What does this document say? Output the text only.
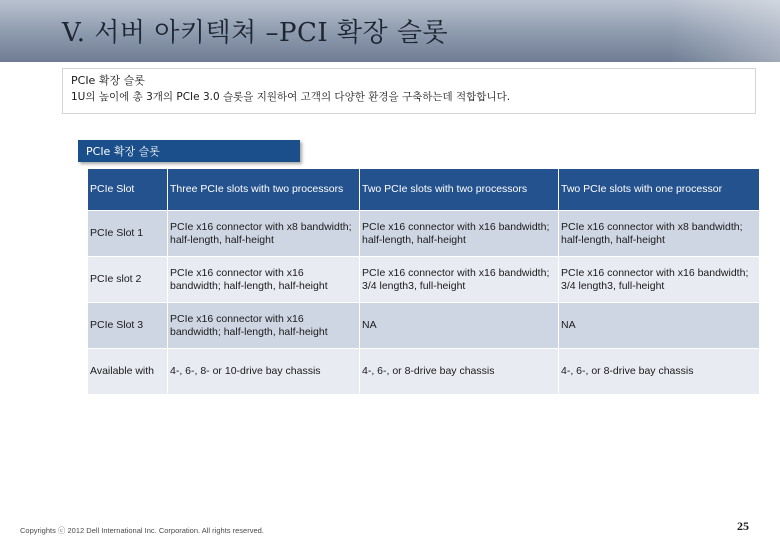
V. 서버 아키텍쳐 –PCI 확장 슬롯
PCIe 확장 슬롯
1U의 높이에 총 3개의 PCIe 3.0 슬롯을 지원하여 고객의 다양한 환경을 구축하는데 적합합니다.
PCIe 확장 슬롯
PCIe Slot	Three PCIe slots with two processors	Two PCIe slots with two processors	Two PCIe slots with one processor
PCIe Slot 1	PCIe x16 connector with x8 bandwidth; half-length, half-height	PCIe x16 connector with x16 bandwidth; half-length, half-height	PCIe x16 connector with x8 bandwidth; half-length, half-height
PCIe slot 2	PCIe x16 connector with x16 bandwidth; half-length, half-height	PCIe x16 connector with x16 bandwidth; 3/4 length3, full-height	PCIe x16 connector with x16 bandwidth; 3/4 length3, full-height
PCIe Slot 3	PCIe x16 connector with x16 bandwidth; half-length, half-height	NA	NA
Available with	4-, 6-, 8- or 10-drive bay chassis	4-, 6-, or 8-drive bay chassis	4-, 6-, or 8-drive bay chassis
Copyrights ⓒ 2012 Dell International Inc. Corporation. All rights reserved.	25
